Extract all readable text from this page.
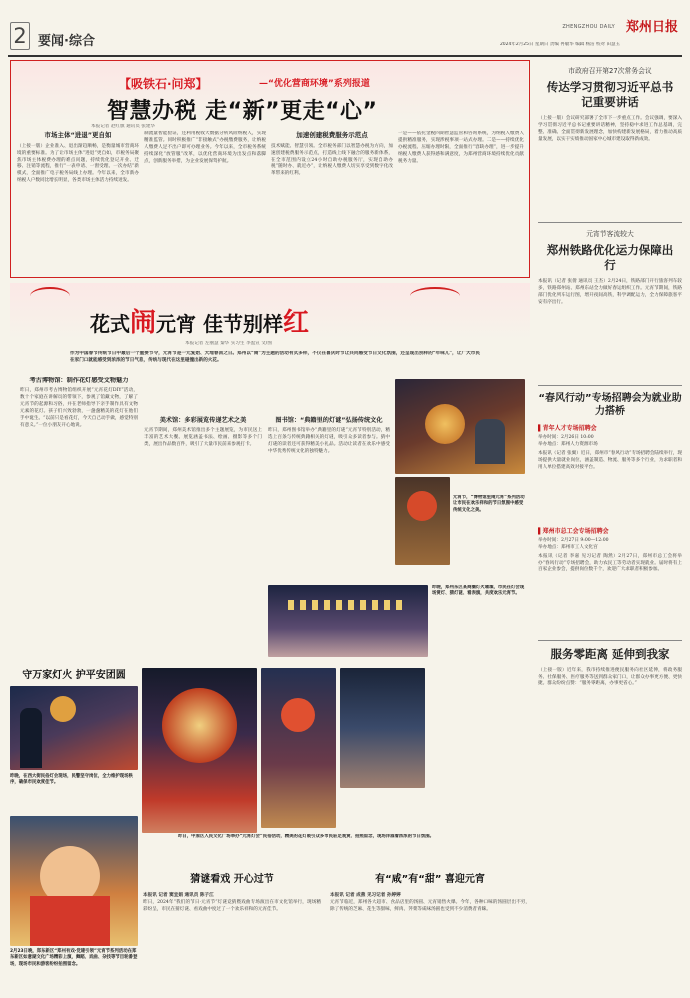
2 要闻·综合
ZHENGZHOU DAILY 郑州日报
2024年2月25日 星期日 责编 冉敏华 编辑 杨洁 校对 田慧玉
【吸铁石·问郑】	—“优化营商环境”系列报道
智慧办税 走“新”更走“心”
本报记者 赵红旗 通讯员 张建华
市场主体“进退”更自如
（上接一版）企业准入、退出渐趋顺畅，是衡量城市营商环境的重要标准。为了让市场主体“进退”更自如，市税务局聚焦市场主体税费办理的难点问题，持续优化登记开业、迁移、注销等流程，推行“一表申请、一窗受理、一次办结”新模式，全面推广电子税务局线上办理。今年以来，全市新办纳税人户数同比增长明显，各类市场主体活力持续迸发。
制流量智能验证，还利用税收大数据分析风险纳税人，实现精准监管。同时积极推广“非接触式”办税缴费服务，让纳税人缴费人足不出户即可办理业务。今年以来，全市税务系统持续深化“放管服”改革，以优化营商环境为出发点和落脚点，创新服务举措，为企业发展保驾护航。
加速创建税费服务示范点
技术赋能、智慧引领。全市税务部门以智慧办税为方向，加速创建税费服务示范点，打造线上线下融合的服务新体系，在全市范围内设立24小时自助办税服务厅，实现自助办税“随时办、就近办”，让纳税人缴费人切实享受到数字化改革带来的红利。
一是——依托金税四期智慧监管和咨询系统，为纳税人缴费人提供精准服务，实现涉税事项一站式办理。二是——持续优化办税流程、压缩办理时限，全面推行“容缺办理”，进一步提升纳税人缴费人获得感和满意度，为郑州营商环境持续优化贡献税务力量。
花式闹元宵 佳节别样红
本报记者 左丽慧 秦华 实习生 李盈宣 文/图
作为中国春节传统节日中最后一个重要节令，元宵节是一元复始、大地春回之日。郑州以“闹”为主题的活动有式多样，不仅在喜庆时节让共同感受节日文化氛围，还呈现出别样的“年味儿”，让广大市民在家门口就能感受到浓浓的节日气息，传统与现代在这里碰撞出新的火花。
考古博物馆：制作花灯感受文物魅力
昨日，郑州市考古博物馆组织开展“元宵花灯DIY”活动，数十个家庭在讲解员的带领下，参观了馆藏文物，了解了元宵节的起源和习俗，并在老师指导下亲手制作具有文物元素的花灯。孩子们兴致勃勃，一盏盏精美的花灯在他们手中诞生。“以前只是看花灯，今天自己动手做，感觉特别有意义。”一位小朋友开心地说。
美术馆：多彩展览传递艺术之美
元宵节期间，郑州美术馆推出多个主题展览，为市民送上丰富的艺术大餐。展览涵盖书法、绘画、摄影等多个门类，展出作品数百件，吸引了大量市民前来参观打卡。
图书馆：“典籍里的灯谜”弘扬传统文化
昨日，郑州图书馆举办“典籍里的灯谜”元宵节特别活动，精选上百条与传统典籍相关的灯谜，吸引众多读者参与。猜中灯谜的读者还可获得精美小礼品。活动让读者在欢乐中感受中华优秀传统文化的独特魅力。
元宵节，“博物馆里闹元宵”系列活动让市民在欢乐祥和的节日氛围中感受传统文化之美。
昨晚，郑州东区某商圈灯火璀璨，市民在灯会现场赏灯、猜灯谜、看表演，共度欢乐元宵节。
守万家灯火 护平安团圆
昨晚，在西大街民俗灯会现场，民警坚守岗位，全力维护现场秩序，确保市民欢度佳节。
2月23日晚，郑东新区“郑州有戏·党建引领”元宵节系列活动在郑东新区如意湖文化广场精彩上演，舞蹈、戏曲、杂技等节目轮番登场，现场市民和游客纷纷拍照留念。
昨日，中原区人民文化广场举办“元宵灯会”民俗活动，精美的花灯吸引众多市民驻足观赏、拍照留念，现场洋溢着浓浓的节日氛围。
猜谜看戏 开心过节
本报讯 记者 窦宜娟 通讯员 陈子江
昨日，2024年“我们的节日·元宵节”灯谜竞猜暨戏曲专场演出在市文化馆举行，现场精彩纷呈，市民在猜灯谜、看戏曲中度过了一个欢乐祥和的元宵佳节。
有“咸”有“甜” 喜迎元宵
本报讯 记者 成燕 见习记者 孙婷婷
元宵节临近，郑州各大超市、食品店里的汤圆、元宵销售火爆。今年，各种口味的汤圆层出不穷，除了传统的芝麻、花生等甜味，鲜肉、荠菜等咸味汤圆也受到不少消费者青睐。
市政府召开第27次常务会议
传达学习贯彻习近平总书记重要讲话
（上接一版）会议研究部署了全市下一步重点工作。会议强调，要深入学习贯彻习近平总书记重要讲话精神，坚持稳中求进工作总基调，完整、准确、全面贯彻新发展理念，加快构建新发展格局，着力推动高质量发展，以实干实绩推动国家中心城市建设取得新成效。
元宵节客流较大
郑州铁路优化运力保障出行
本报讯（记者 张倩 通讯员 王杰）2月24日，铁路部门开行旅客列车较多，铁路郑州站、郑州东站全力做好春运组织工作。元宵节期间，铁路部门优化列车运行图，增开夜间高铁，科学调配运力，全力保障旅客平安有序出行。
“春风行动”专场招聘会为就业助力搭桥
▌青年人才专场招聘会
举办时间：2月26日 10:00
举办地点：郑州人力资源市场
本报讯（记者 张翼）近日，郑州市“春风行动”专场招聘会陆续举行，现场提供大量就业岗位，涵盖制造、物流、服务等多个行业，为求职者和用人单位搭建高效对接平台。
▌郑州市总工会专场招聘会
举办时间：2月27日 9:00—12:00
举办地点：郑州市工人文化宫
本报讯（记者 李嘉 见习记者 陶然）2月27日，郑州市总工会将举办“春风行动”专场招聘会，助力农民工等劳动者实现就业。届时将有上百家企业参会，提供岗位数千个，欢迎广大求职者积极参加。
服务零距离 延伸到我家
（上接一版）近年来，我市持续推进便民服务向社区延伸，将政务服务、社保服务、医疗服务等送到群众家门口，让群众办事更方便、更快捷。群众纷纷点赞：“服务零距离，办事更省心。”
